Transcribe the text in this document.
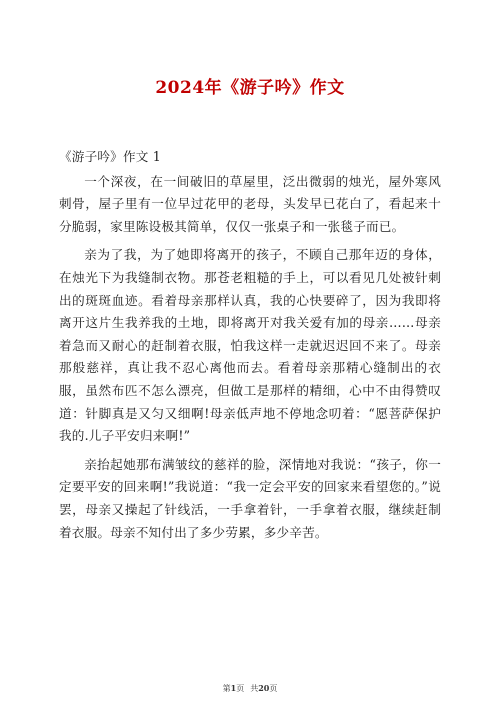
2024年《游子吟》作文
《游子吟》作文 1

一个深夜，在一间破旧的草屋里，泛出微弱的烛光，屋外寒风刺骨，屋子里有一位早过花甲的老母，头发早已花白了，看起来十分脆弱，家里陈设极其简单，仅仅一张桌子和一张毯子而已。

亲为了我，为了她即将离开的孩子，不顾自己那年迈的身体，在烛光下为我缝制衣物。那苍老粗糙的手上，可以看见几处被针刺出的斑斑血迹。看着母亲那样认真，我的心快要碎了，因为我即将离开这片生我养我的土地，即将离开对我关爱有加的母亲……母亲着急而又耐心的赶制着衣服，怕我这样一走就迟迟回不来了。母亲那般慈祥，真让我不忍心离他而去。看着母亲那精心缝制出的衣服，虽然布匹不怎么漂亮，但做工是那样的精细，心中不由得赞叹道：针脚真是又匀又细啊!母亲低声地不停地念叨着：“愿菩萨保护我的.儿子平安归来啊!”

亲抬起她那布满皱纹的慈祥的脸，深情地对我说：“孩子，你一定要平安的回来啊!”我说道：“我一定会平安的回家来看望您的。”说罢，母亲又操起了针线活，一手拿着针，一手拿着衣服，继续赶制着衣服。母亲不知付出了多少劳累，多少辛苦。

第1页 共20页
